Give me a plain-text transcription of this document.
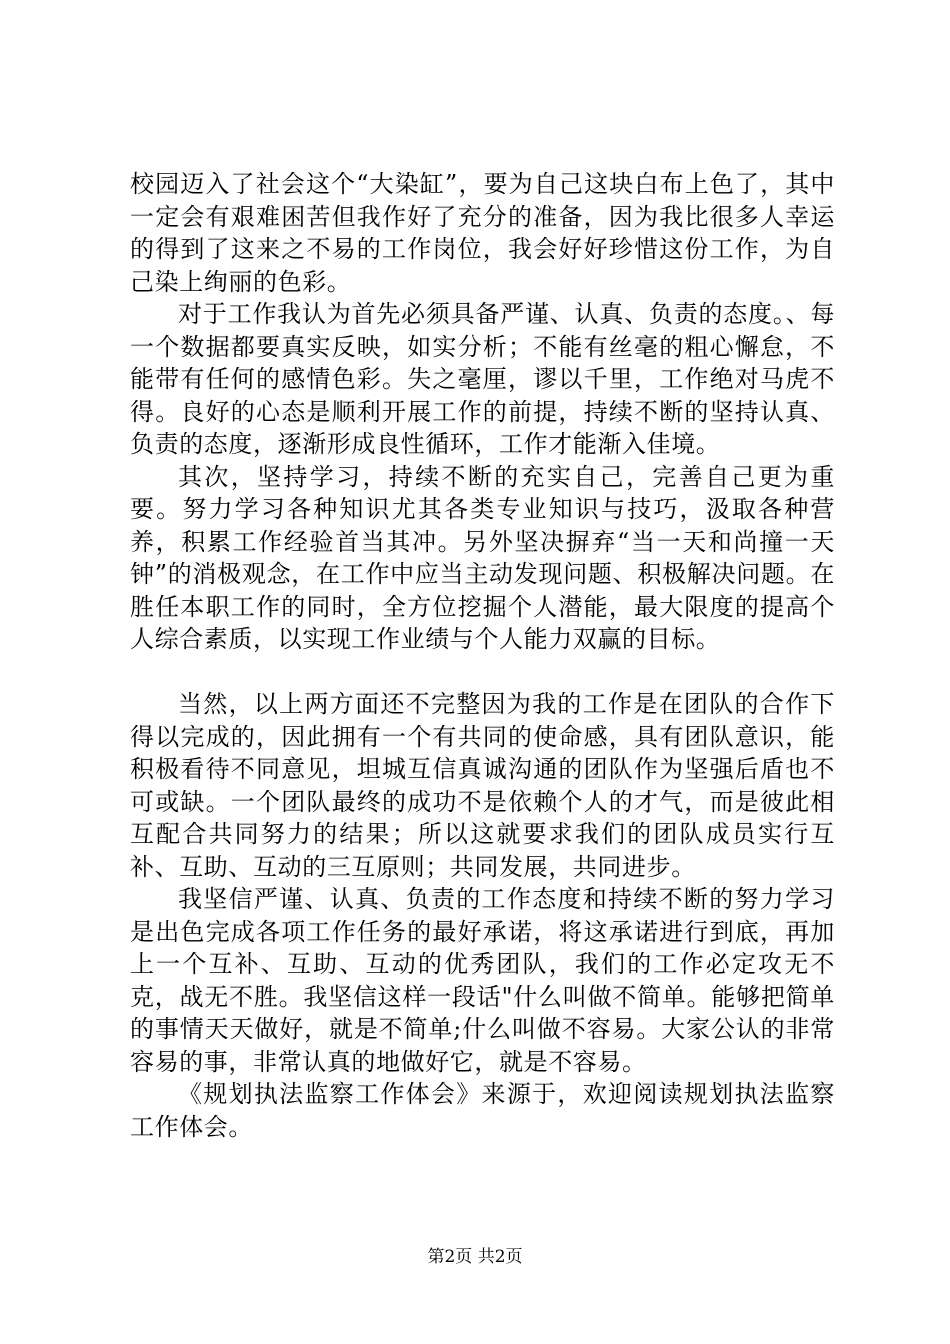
校园迈入了社会这个“大染缸”，要为自己这块白布上色了，其中一定会有艰难困苦但我作好了充分的准备，因为我比很多人幸运的得到了这来之不易的工作岗位，我会好好珍惜这份工作，为自己染上绚丽的色彩。

对于工作我认为首先必须具备严谨、认真、负责的态度。、每一个数据都要真实反映，如实分析；不能有丝毫的粗心懈怠，不能带有任何的感情色彩。失之毫厘，谬以千里，工作绝对马虎不得。良好的心态是顺利开展工作的前提，持续不断的坚持认真、负责的态度，逐渐形成良性循环，工作才能渐入佳境。

其次，坚持学习，持续不断的充实自己，完善自己更为重要。努力学习各种知识尤其各类专业知识与技巧，汲取各种营养，积累工作经验首当其冲。另外坚决摒弃“当一天和尚撞一天钟”的消极观念，在工作中应当主动发现问题、积极解决问题。在胜任本职工作的同时，全方位挖掘个人潜能，最大限度的提高个人综合素质，以实现工作业绩与个人能力双赢的目标。

当然，以上两方面还不完整因为我的工作是在团队的合作下得以完成的，因此拥有一个有共同的使命感，具有团队意识，能积极看待不同意见，坦城互信真诚沟通的团队作为坚强后盾也不可或缺。一个团队最终的成功不是依赖个人的才气，而是彼此相互配合共同努力的结果；所以这就要求我们的团队成员实行互补、互助、互动的三互原则；共同发展，共同进步。

我坚信严谨、认真、负责的工作态度和持续不断的努力学习是出色完成各项工作任务的最好承诺，将这承诺进行到底，再加上一个互补、互助、互动的优秀团队，我们的工作必定攻无不克，战无不胜。我坚信这样一段话"什么叫做不简单。能够把简单的事情天天做好，就是不简单;什么叫做不容易。大家公认的非常容易的事，非常认真的地做好它，就是不容易。

《规划执法监察工作体会》来源于，欢迎阅读规划执法监察工作体会。

第2页 共2页
